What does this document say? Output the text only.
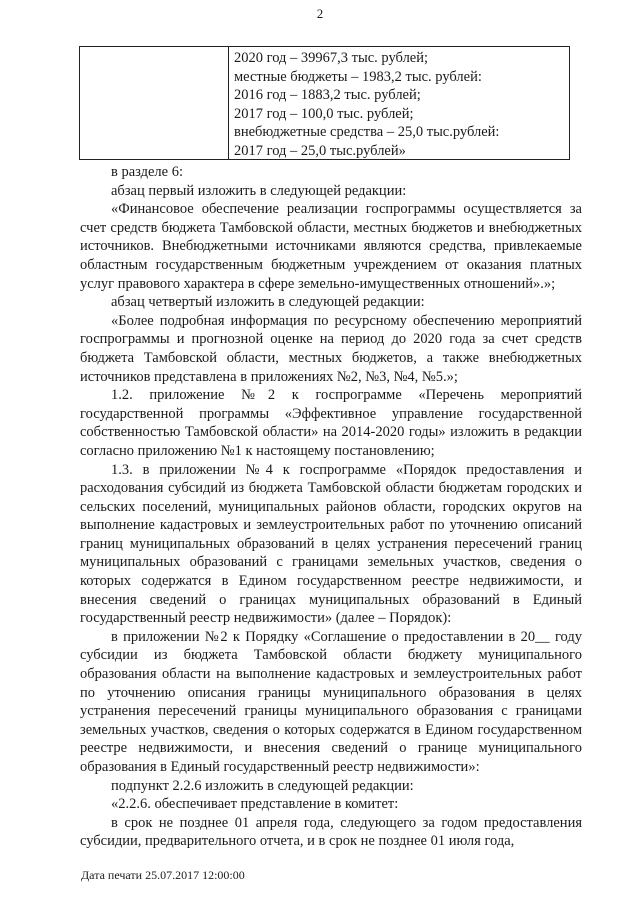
2
2020 год – 39967,3 тыс. рублей;
местные бюджеты – 1983,2 тыс. рублей:
2016 год – 1883,2 тыс. рублей;
2017 год – 100,0 тыс. рублей;
внебюджетные средства – 25,0 тыс.рублей:
2017 год – 25,0 тыс.рублей»

в разделе 6:

абзац первый изложить в следующей редакции:

«Финансовое обеспечение реализации госпрограммы осуществляется за счет средств бюджета Тамбовской области, местных бюджетов и внебюджетных источников. Внебюджетными источниками являются средства, привлекаемые областным государственным бюджетным учреждением от оказания платных услуг правового характера в сфере земельно-имущественных отношений».»;

абзац четвертый изложить в следующей редакции:

«Более подробная информация по ресурсному обеспечению мероприятий госпрограммы и прогнозной оценке на период до 2020 года за счет средств бюджета Тамбовской области, местных бюджетов, а также внебюджетных источников представлена в приложениях №2, №3, №4, №5.»;

1.2. приложение №2 к госпрограмме «Перечень мероприятий государственной программы «Эффективное управление государственной собственностью Тамбовской области» на 2014-2020 годы» изложить в редакции согласно приложению №1 к настоящему постановлению;

1.3. в приложении №4 к госпрограмме «Порядок предоставления и расходования субсидий из бюджета Тамбовской области бюджетам городских и сельских поселений, муниципальных районов области, городских округов на выполнение кадастровых и землеустроительных работ по уточнению описаний границ муниципальных образований в целях устранения пересечений границ муниципальных образований с границами земельных участков, сведения о которых содержатся в Едином государственном реестре недвижимости, и внесения сведений о границах муниципальных образований в Единый государственный реестр недвижимости» (далее – Порядок):

в приложении №2 к Порядку «Соглашение о предоставлении в 20__ году субсидии из бюджета Тамбовской области бюджету муниципального образования области на выполнение кадастровых и землеустроительных работ по уточнению описания границы муниципального образования в целях устранения пересечений границы муниципального образования с границами земельных участков, сведения о которых содержатся в Едином государственном реестре недвижимости, и внесения сведений о границе муниципального образования в Единый государственный реестр недвижимости»:

подпункт 2.2.6 изложить в следующей редакции:

«2.2.6. обеспечивает представление в комитет:

в срок не позднее 01 апреля года, следующего за годом предоставления субсидии, предварительного отчета, и в срок не позднее 01 июля года,

Дата печати 25.07.2017 12:00:00
